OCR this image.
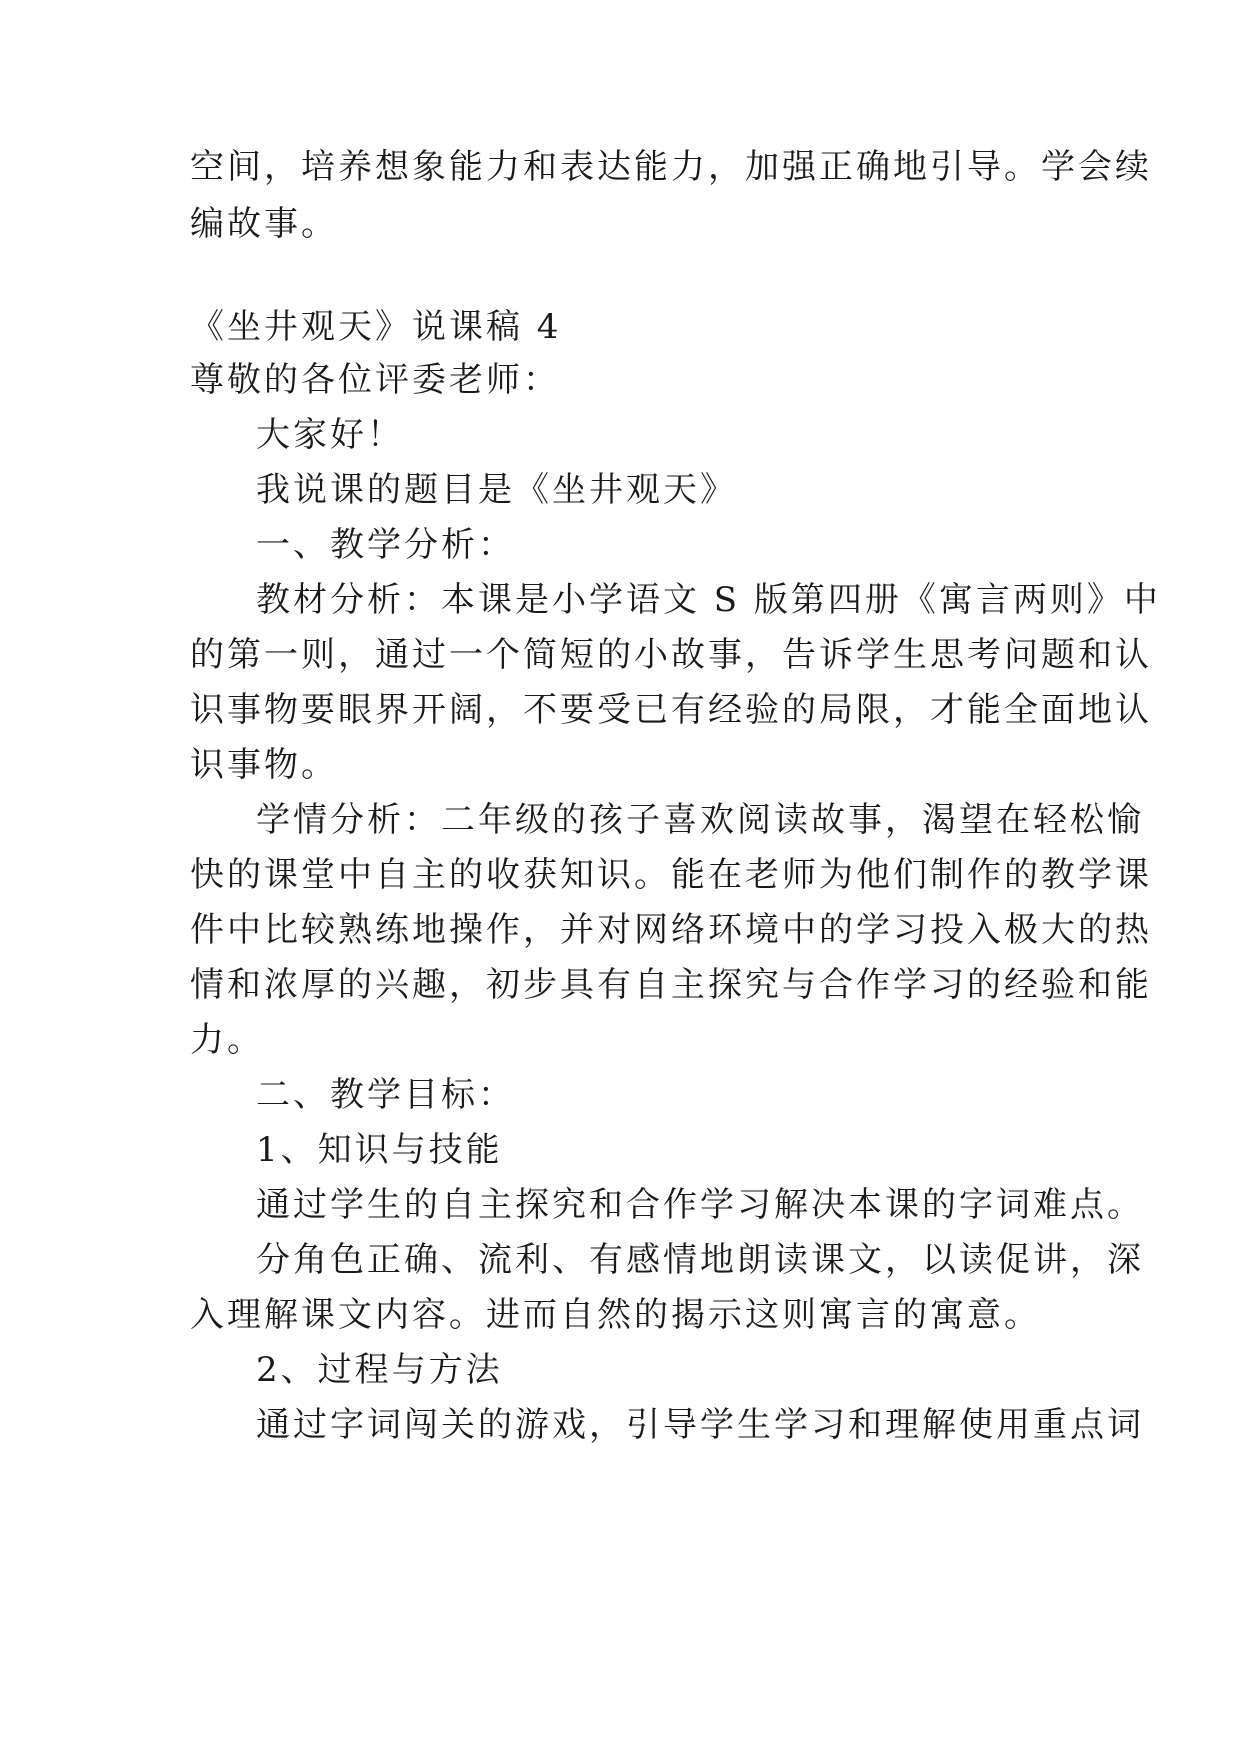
空间，培养想象能力和表达能力，加强正确地引导。学会续
编故事。
《坐井观天》说课稿 4
尊敬的各位评委老师：
大家好！
我说课的题目是《坐井观天》
一、教学分析：
教材分析：本课是小学语文 S 版第四册《寓言两则》中
的第一则，通过一个简短的小故事，告诉学生思考问题和认
识事物要眼界开阔，不要受已有经验的局限，才能全面地认
识事物。
学情分析：二年级的孩子喜欢阅读故事，渴望在轻松愉
快的课堂中自主的收获知识。能在老师为他们制作的教学课
件中比较熟练地操作，并对网络环境中的学习投入极大的热
情和浓厚的兴趣，初步具有自主探究与合作学习的经验和能
力。
二、教学目标：
1、知识与技能
通过学生的自主探究和合作学习解决本课的字词难点。
分角色正确、流利、有感情地朗读课文，以读促讲，深
入理解课文内容。进而自然的揭示这则寓言的寓意。
2、过程与方法
通过字词闯关的游戏，引导学生学习和理解使用重点词
